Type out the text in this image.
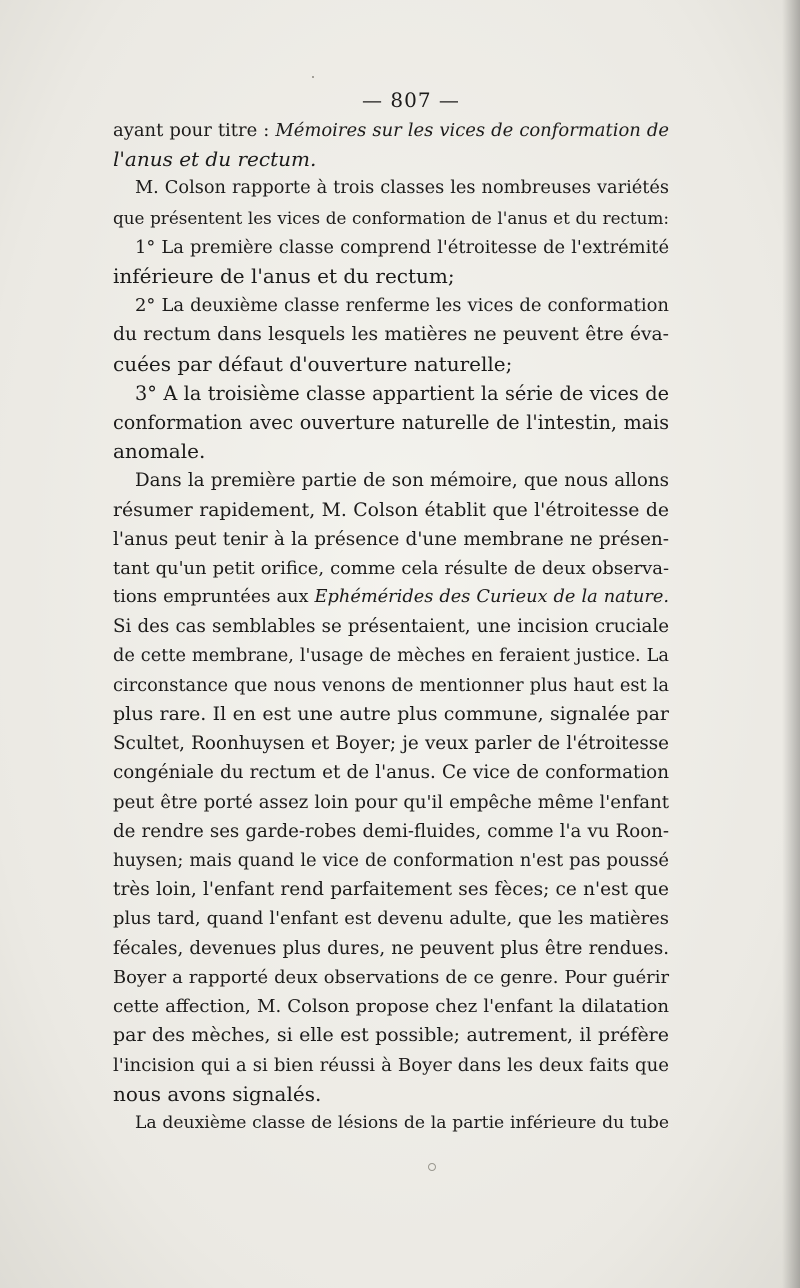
— 807 —
ayant pour titre : Mémoires sur les vices de conformation de
l'anus et du rectum.
M. Colson rapporte à trois classes les nombreuses variétés
que présentent les vices de conformation de l'anus et du rectum:
1° La première classe comprend l'étroitesse de l'extrémité
inférieure de l'anus et du rectum;
2° La deuxième classe renferme les vices de conformation
du rectum dans lesquels les matières ne peuvent être éva-
cuées par défaut d'ouverture naturelle;
3° A la troisième classe appartient la série de vices de
conformation avec ouverture naturelle de l'intestin, mais
anomale.
Dans la première partie de son mémoire, que nous allons
résumer rapidement, M. Colson établit que l'étroitesse de
l'anus peut tenir à la présence d'une membrane ne présen-
tant qu'un petit orifice, comme cela résulte de deux observa-
tions empruntées aux Ephémérides des Curieux de la nature.
Si des cas semblables se présentaient, une incision cruciale
de cette membrane, l'usage de mèches en feraient justice. La
circonstance que nous venons de mentionner plus haut est la
plus rare. Il en est une autre plus commune, signalée par
Scultet, Roonhuysen et Boyer; je veux parler de l'étroitesse
congéniale du rectum et de l'anus. Ce vice de conformation
peut être porté assez loin pour qu'il empêche même l'enfant
de rendre ses garde-robes demi-fluides, comme l'a vu Roon-
huysen; mais quand le vice de conformation n'est pas poussé
très loin, l'enfant rend parfaitement ses fèces; ce n'est que
plus tard, quand l'enfant est devenu adulte, que les matières
fécales, devenues plus dures, ne peuvent plus être rendues.
Boyer a rapporté deux observations de ce genre. Pour guérir
cette affection, M. Colson propose chez l'enfant la dilatation
par des mèches, si elle est possible; autrement, il préfère
l'incision qui a si bien réussi à Boyer dans les deux faits que
nous avons signalés.
La deuxième classe de lésions de la partie inférieure du tube
